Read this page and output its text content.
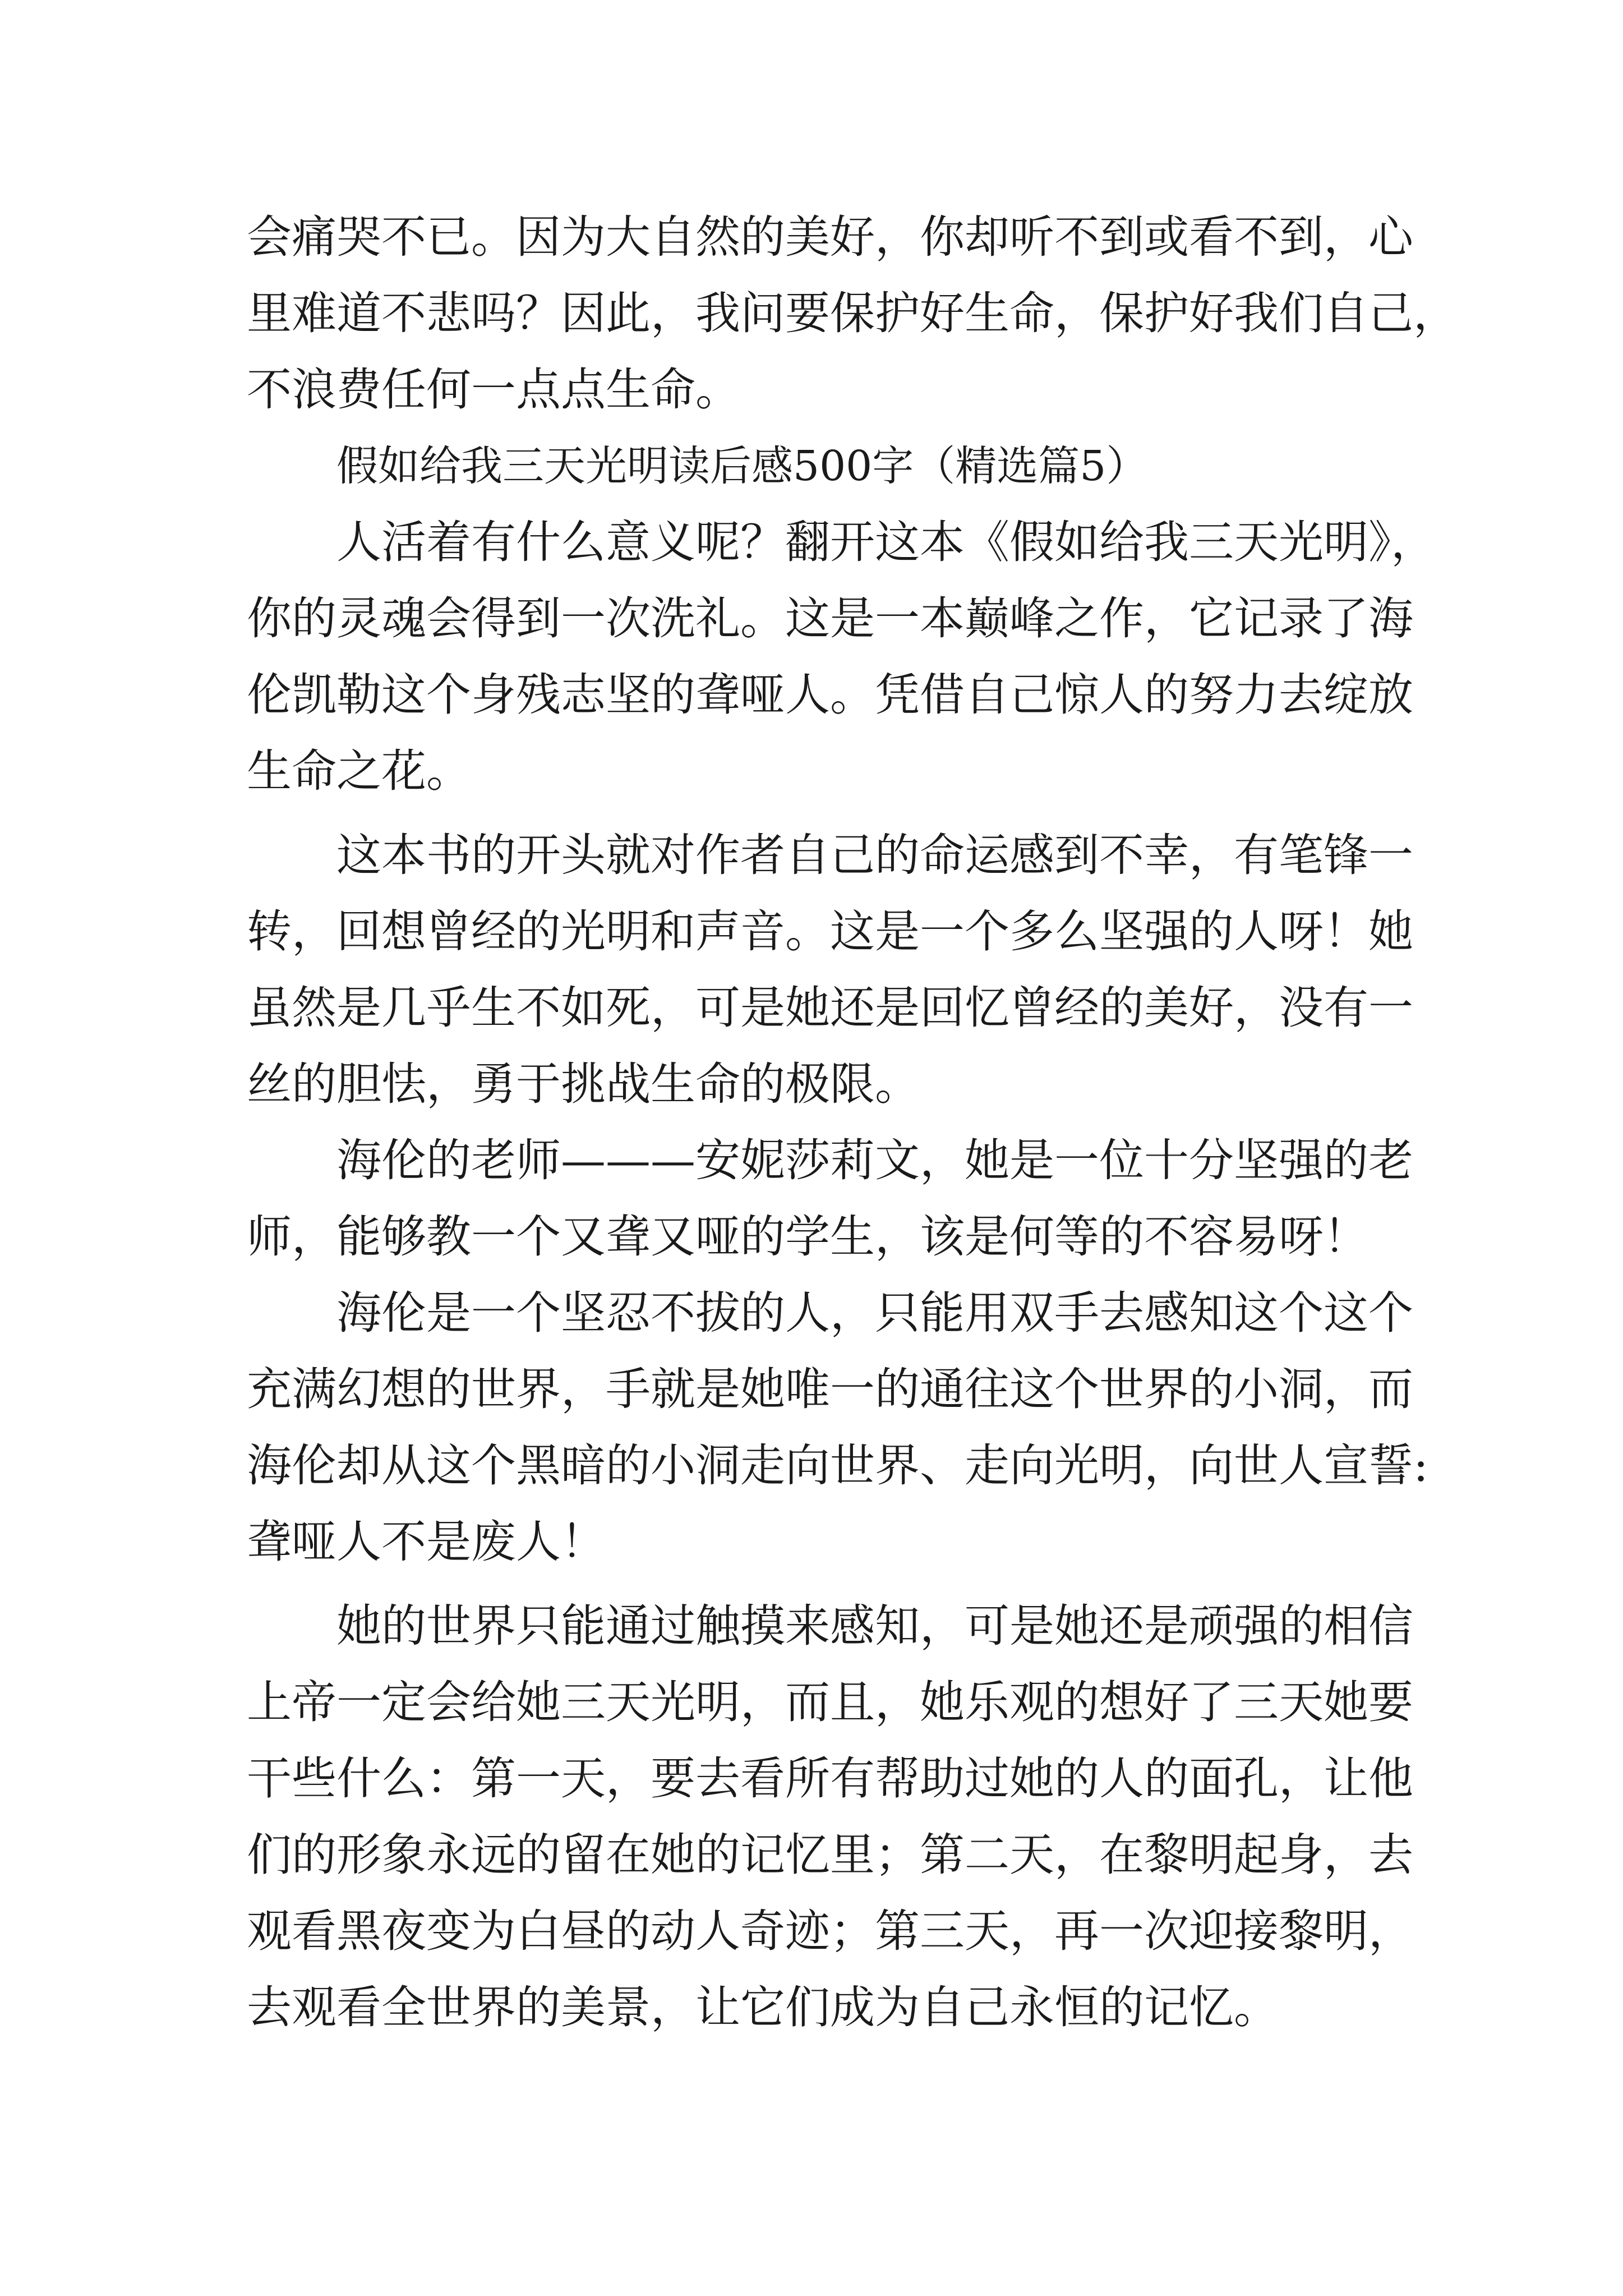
会痛哭不已。因为大自然的美好，你却听不到或看不到，心
里难道不悲吗？因此，我问要保护好生命，保护好我们自己，
不浪费任何一点点生命。
假如给我三天光明读后感500字（精选篇5）
人活着有什么意义呢？翻开这本《假如给我三天光明》，
你的灵魂会得到一次洗礼。这是一本巅峰之作，它记录了海
伦凯勒这个身残志坚的聋哑人。凭借自己惊人的努力去绽放
生命之花。
这本书的开头就对作者自己的命运感到不幸，有笔锋一
转，回想曾经的光明和声音。这是一个多么坚强的人呀！她
虽然是几乎生不如死，可是她还是回忆曾经的美好，没有一
丝的胆怯，勇于挑战生命的极限。
海伦的老师———安妮莎莉文，她是一位十分坚强的老
师，能够教一个又聋又哑的学生，该是何等的不容易呀！
海伦是一个坚忍不拔的人，只能用双手去感知这个这个
充满幻想的世界，手就是她唯一的通往这个世界的小洞，而
海伦却从这个黑暗的小洞走向世界、走向光明，向世人宣誓:
聋哑人不是废人！
她的世界只能通过触摸来感知，可是她还是顽强的相信
上帝一定会给她三天光明，而且，她乐观的想好了三天她要
干些什么：第一天，要去看所有帮助过她的人的面孔，让他
们的形象永远的留在她的记忆里；第二天，在黎明起身，去
观看黑夜变为白昼的动人奇迹；第三天，再一次迎接黎明，
去观看全世界的美景，让它们成为自己永恒的记忆。
